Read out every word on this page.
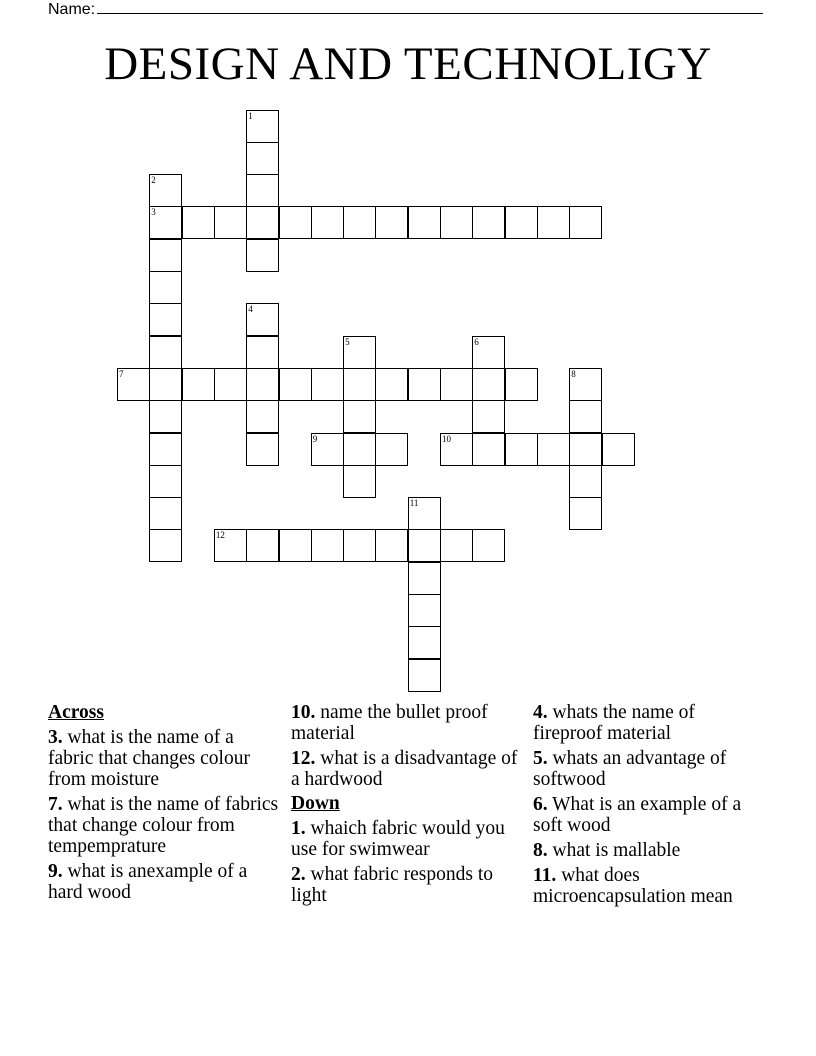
Name:
DESIGN AND TECHNOLIGY
1
2
3
4
5	6
7	8
9	10
11
12
Across
3. what is the name of a fabric that changes colour from moisture
7. what is the name of fabrics that change colour from tempemprature
9. what is anexample of a hard wood
10. name the bullet proof material
12. what is a disadvantage of a hardwood
Down
1. whaich fabric would you use for swimwear
2. what fabric responds to light
4. whats the name of fireproof material
5. whats an advantage of softwood
6. What is an example of a soft wood
8. what is mallable
11. what does microencapsulation mean
